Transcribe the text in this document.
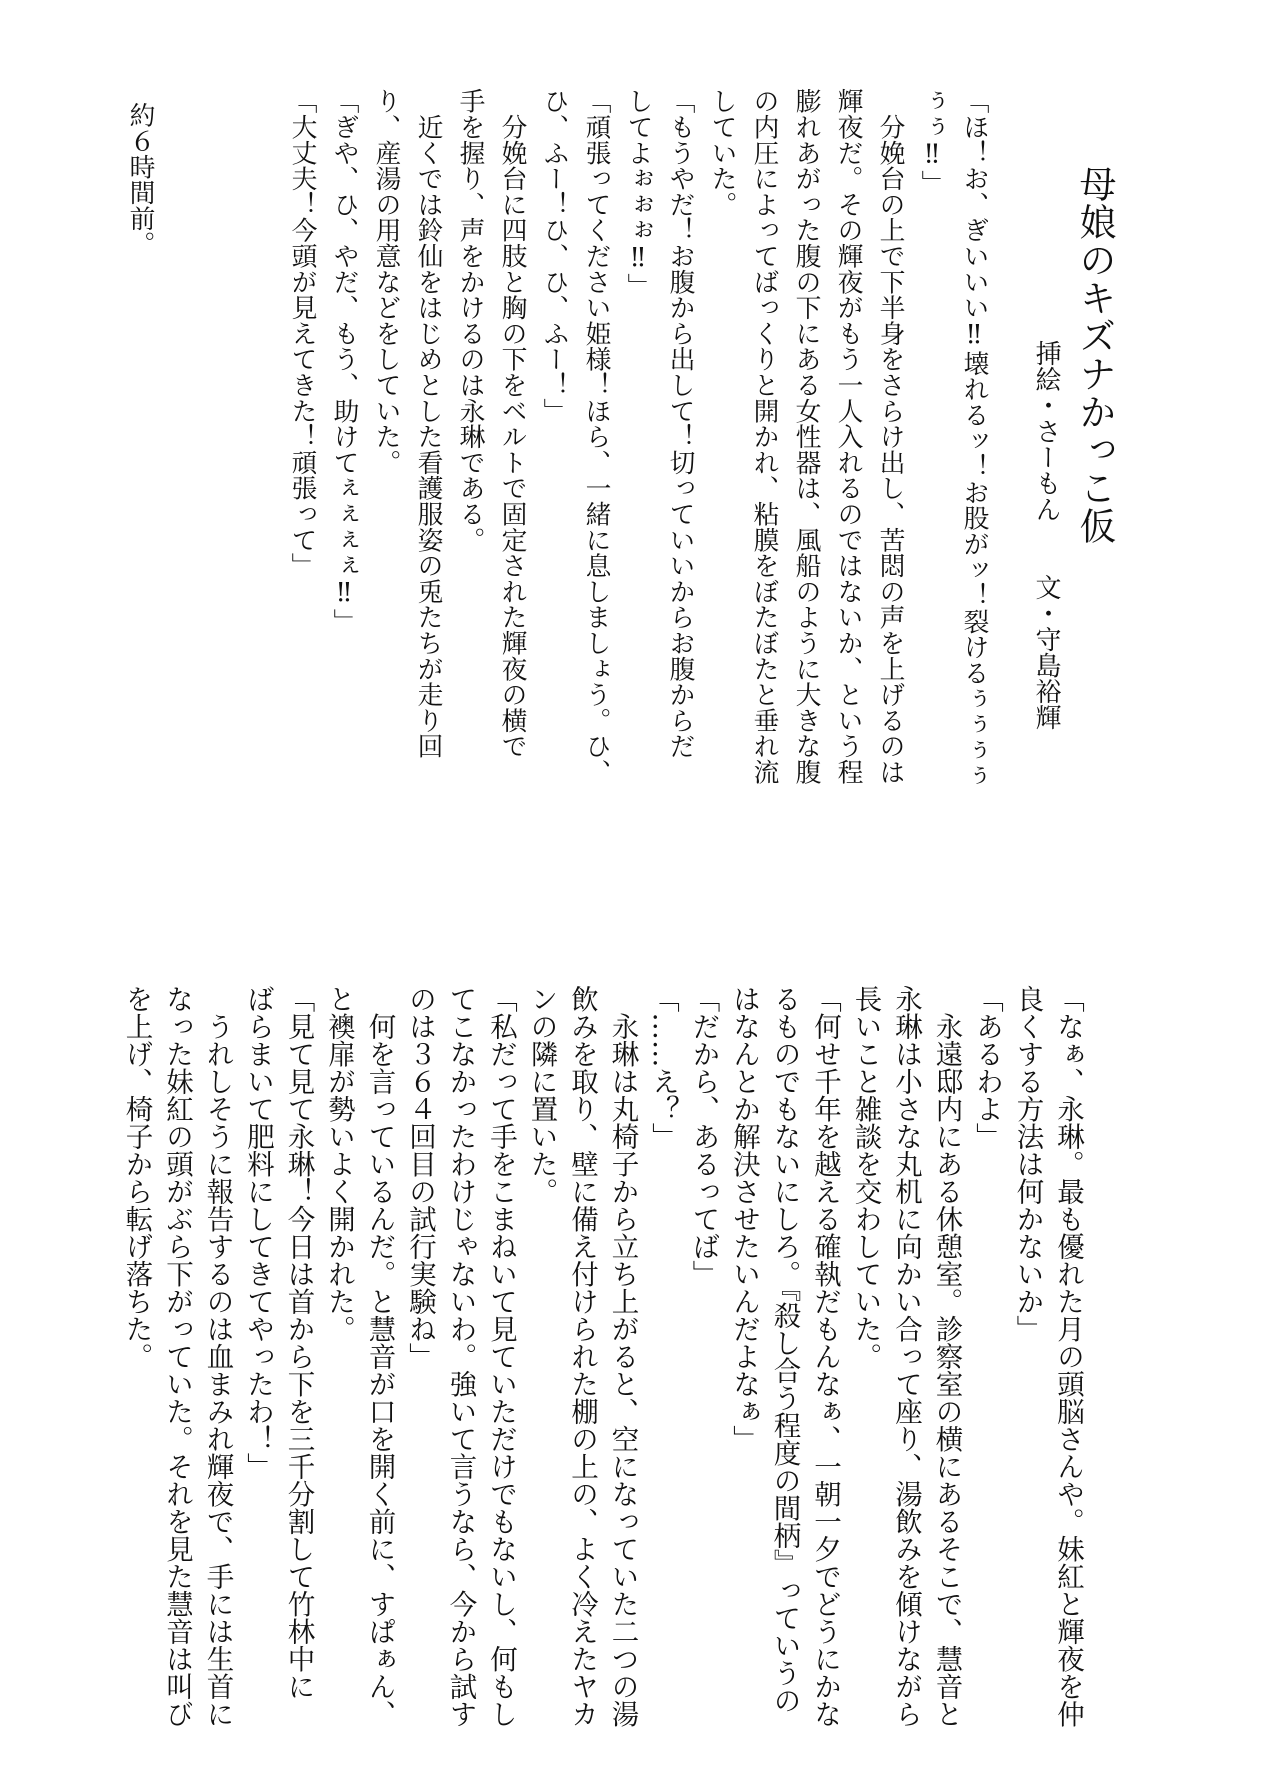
母娘のキズナかっこ仮
挿絵・さーもん　　文・守島裕輝
「ほ！お、ぎいいい‼壊れるッ！お股がッ！裂けるぅぅぅぅ
ぅぅ‼」
　分娩台の上で下半身をさらけ出し、苦悶の声を上げるのは
輝夜だ。その輝夜がもう一人入れるのではないか、という程
膨れあがった腹の下にある女性器は、風船のように大きな腹
の内圧によってばっくりと開かれ、粘膜をぼたぼたと垂れ流
していた。
「もうやだ！お腹から出して！切っていいからお腹からだ
してよぉぉぉ‼」
「頑張ってください姫様！ほら、一緒に息しましょう。ひ、
ひ、ふー！ひ、ひ、ふー！」
　分娩台に四肢と胸の下をベルトで固定された輝夜の横で
手を握り、声をかけるのは永琳である。
　近くでは鈴仙をはじめとした看護服姿の兎たちが走り回
り、産湯の用意などをしていた。
「ぎや、ひ、やだ、もう、助けてぇぇぇぇ‼」
「大丈夫！今頭が見えてきた！頑張って」
約６時間前。
「なぁ、永琳。最も優れた月の頭脳さんや。妹紅と輝夜を仲
良くする方法は何かないか」
「あるわよ」
　永遠邸内にある休憩室。診察室の横にあるそこで、慧音と
永琳は小さな丸机に向かい合って座り、湯飲みを傾けながら
長いこと雑談を交わしていた。
「何せ千年を越える確執だもんなぁ、一朝一夕でどうにかな
るものでもないにしろ。『殺し合う程度の間柄』っていうの
はなんとか解決させたいんだよなぁ」
「だから、あるってば」
「……え？」
　永琳は丸椅子から立ち上がると、空になっていた二つの湯
飲みを取り、壁に備え付けられた棚の上の、よく冷えたヤカ
ンの隣に置いた。
「私だって手をこまねいて見ていただけでもないし、何もし
てこなかったわけじゃないわ。強いて言うなら、今から試す
のは３６４回目の試行実験ね」
　何を言っているんだ。と慧音が口を開く前に、すぱぁん、
と襖扉が勢いよく開かれた。
「見て見て永琳！今日は首から下を三千分割して竹林中に
ばらまいて肥料にしてきてやったわ！」
　うれしそうに報告するのは血まみれ輝夜で、手には生首に
なった妹紅の頭がぶら下がっていた。それを見た慧音は叫び
を上げ、椅子から転げ落ちた。
